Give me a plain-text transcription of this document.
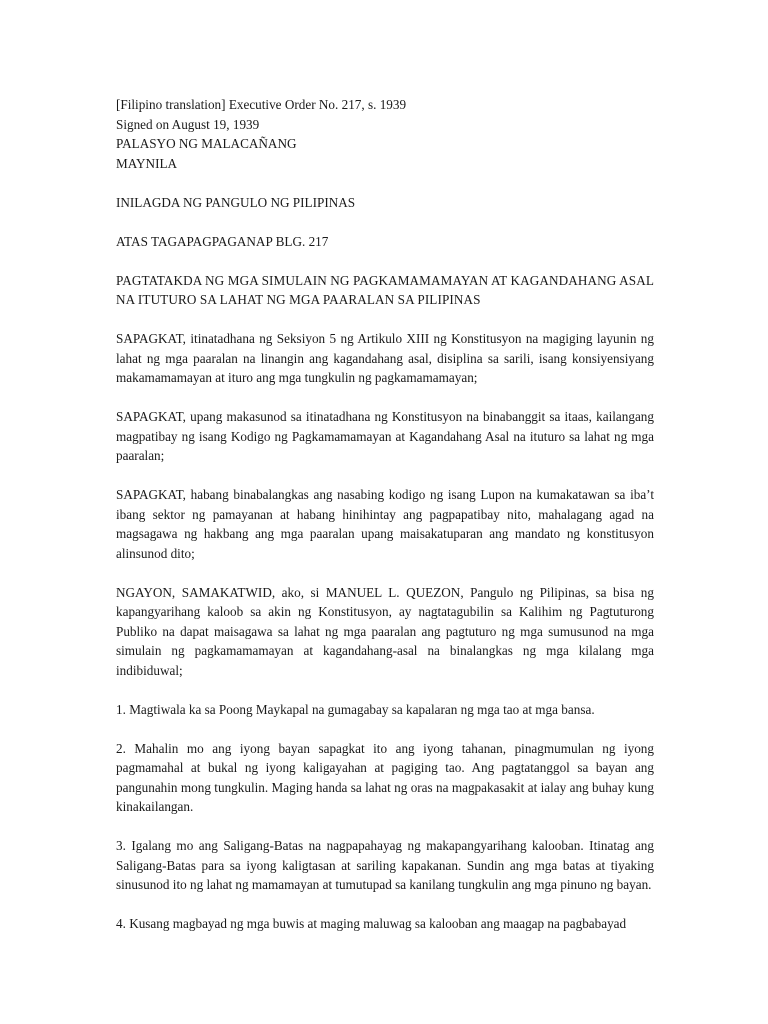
[Filipino translation] Executive Order No. 217, s. 1939
Signed on August 19, 1939
PALASYO NG MALACAÑANG
MAYNILA
INILAGDA NG PANGULO NG PILIPINAS
ATAS TAGAPAGPAGANAP BLG. 217

PAGTATAKDA NG MGA SIMULAIN NG PAGKAMAMAMAYAN AT KAGANDAHANG ASAL NA ITUTURO SA LAHAT NG MGA PAARALAN SA PILIPINAS

SAPAGKAT, itinatadhana ng Seksiyon 5 ng Artikulo XIII ng Konstitusyon na magiging layunin ng lahat ng mga paaralan na linangin ang kagandahang asal, disiplina sa sarili, isang konsiyensiyang makamamamayan at ituro ang mga tungkulin ng pagkamamamayan;

SAPAGKAT, upang makasunod sa itinatadhana ng Konstitusyon na binabanggit sa itaas, kailangang magpatibay ng isang Kodigo ng Pagkamamamayan at Kagandahang Asal na ituturo sa lahat ng mga paaralan;

SAPAGKAT, habang binabalangkas ang nasabing kodigo ng isang Lupon na kumakatawan sa iba’t ibang sektor ng pamayanan at habang hinihintay ang pagpapatibay nito, mahalagang agad na magsagawa ng hakbang ang mga paaralan upang maisakatuparan ang mandato ng konstitusyon alinsunod dito;

NGAYON, SAMAKATWID, ako, si MANUEL L. QUEZON, Pangulo ng Pilipinas, sa bisa ng kapangyarihang kaloob sa akin ng Konstitusyon, ay nagtatagubilin sa Kalihim ng Pagtuturong Publiko na dapat maisagawa sa lahat ng mga paaralan ang pagtuturo ng mga sumusunod na mga simulain ng pagkamamamayan at kagandahang-asal na binalangkas ng mga kilalang mga indibiduwal;

1. Magtiwala ka sa Poong Maykapal na gumagabay sa kapalaran ng mga tao at mga bansa.

2. Mahalin mo ang iyong bayan sapagkat ito ang iyong tahanan, pinagmumulan ng iyong pagmamahal at bukal ng iyong kaligayahan at pagiging tao. Ang pagtatanggol sa bayan ang pangunahin mong tungkulin. Maging handa sa lahat ng oras na magpakasakit at ialay ang buhay kung kinakailangan.

3. Igalang mo ang Saligang-Batas na nagpapahayag ng makapangyarihang kalooban. Itinatag ang Saligang-Batas para sa iyong kaligtasan at sariling kapakanan. Sundin ang mga batas at tiyaking sinusunod ito ng lahat ng mamamayan at tumutupad sa kanilang tungkulin ang mga pinuno ng bayan.

4. Kusang magbayad ng mga buwis at maging maluwag sa kalooban ang maagap na pagbabayad
